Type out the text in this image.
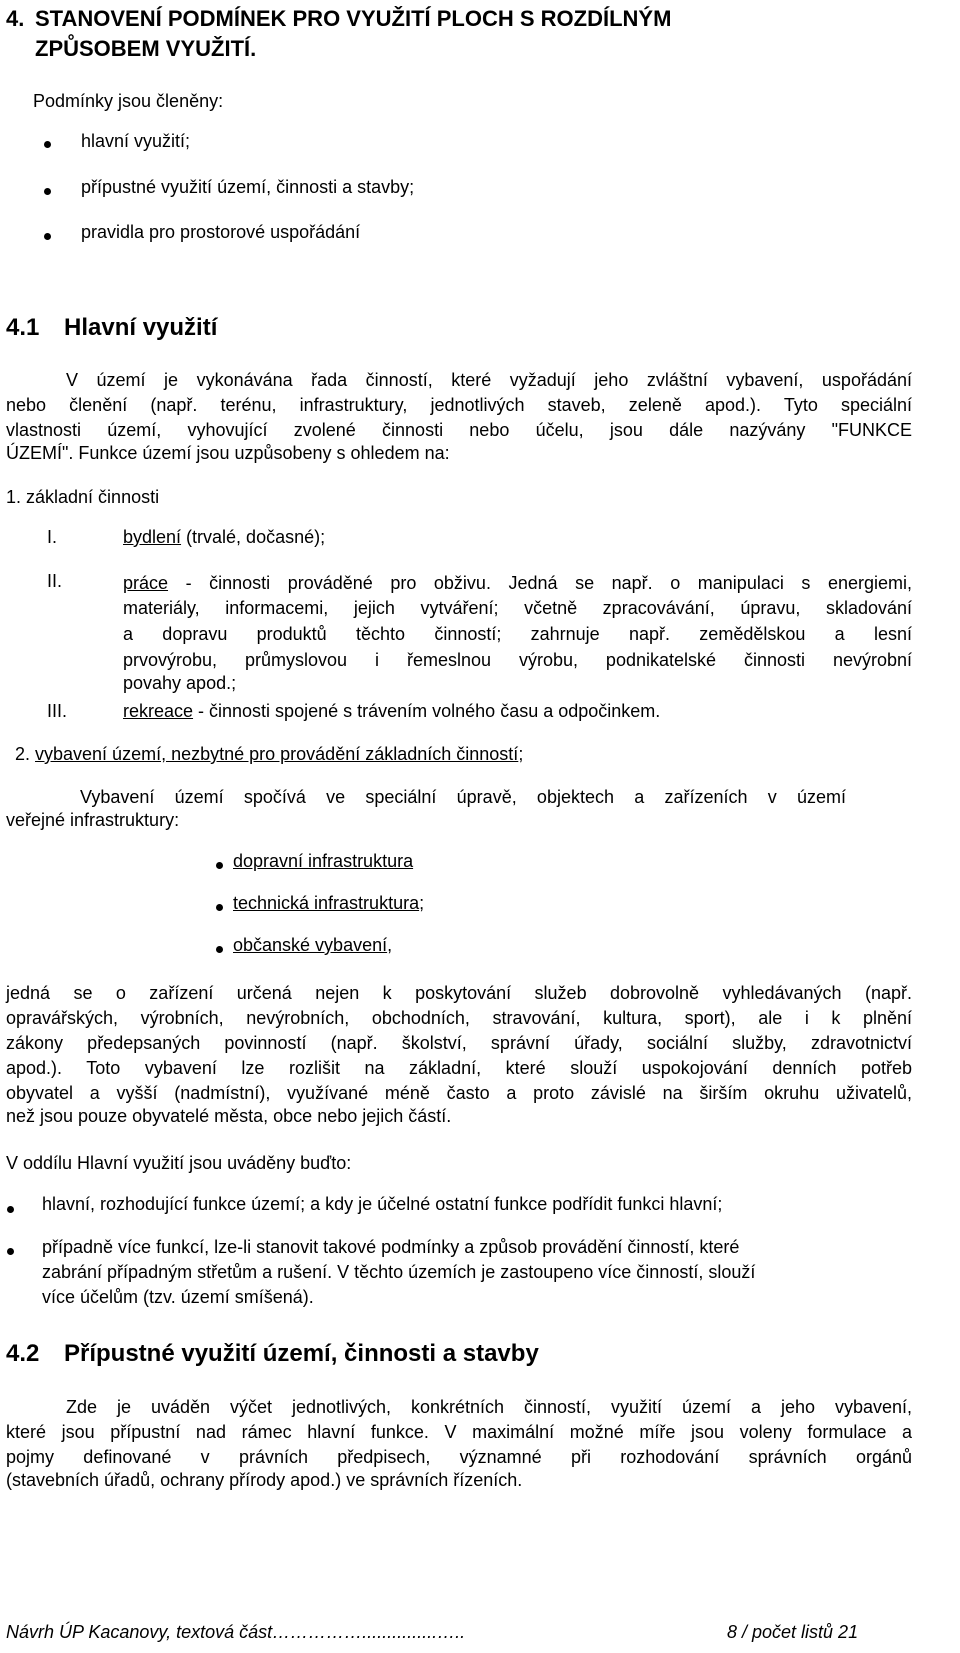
4. STANOVENÍ PODMÍNEK PRO VYUŽITÍ PLOCH S ROZDÍLNÝM
ZPŮSOBEM VYUŽITÍ.
Podmínky jsou členěny:
hlavní využití;
přípustné využití území, činnosti a stavby;
pravidla pro prostorové uspořádání
4.1 Hlavní využití
V území je vykonávána řada činností, které vyžadují jeho zvláštní vybavení, uspořádání
nebo členění (např. terénu, infrastruktury, jednotlivých staveb, zeleně apod.). Tyto speciální
vlastnosti území, vyhovující zvolené činnosti nebo účelu, jsou dále nazývány "FUNKCE
ÚZEMÍ". Funkce území jsou uzpůsobeny s ohledem na:
1. základní činnosti
I.	bydlení (trvalé, dočasné);
II.	práce - činnosti prováděné pro obživu. Jedná se např. o manipulaci s energiemi,
materiály, informacemi, jejich vytváření; včetně zpracovávání, úpravu, skladování
a dopravu produktů těchto činností; zahrnuje např. zemědělskou a lesní
prvovýrobu, průmyslovou i řemeslnou výrobu, podnikatelské činnosti nevýrobní
povahy apod.;
III.	rekreace - činnosti spojené s trávením volného času a odpočinkem.
2. vybavení území, nezbytné pro provádění základních činností;
Vybavení území spočívá ve speciální úpravě, objektech a zařízeních v území
veřejné infrastruktury:
dopravní infrastruktura
technická infrastruktura;
občanské vybavení,
jedná se o zařízení určená nejen k poskytování služeb dobrovolně vyhledávaných (např.
opravářských, výrobních, nevýrobních, obchodních, stravování, kultura, sport), ale i k plnění
zákony předepsaných povinností (např. školství, správní úřady, sociální služby, zdravotnictví
apod.). Toto vybavení lze rozlišit na základní, které slouží uspokojování denních potřeb
obyvatel a vyšší (nadmístní), využívané méně často a proto závislé na širším okruhu uživatelů,
než jsou pouze obyvatelé města, obce nebo jejich částí.
V oddílu Hlavní využití jsou uváděny buďto:
hlavní, rozhodující funkce území; a kdy je účelné ostatní funkce podřídit funkci hlavní;
případně více funkcí, lze-li stanovit takové podmínky a způsob provádění činností, které
zabrání případným střetům a rušení. V těchto územích je zastoupeno více činností, slouží
více účelům (tzv. území smíšená).
4.2 Přípustné využití území, činnosti a stavby
Zde je uváděn výčet jednotlivých, konkrétních činností, využití území a jeho vybavení,
které jsou přípustní nad rámec hlavní funkce. V maximální možné míře jsou voleny formulace a
pojmy definované v právních předpisech, významné při rozhodování správních orgánů
(stavebních úřadů, ochrany přírody apod.) ve správních řízeních.
Návrh ÚP Kacanovy, textová část……………...............…..	8 / počet listů 21
